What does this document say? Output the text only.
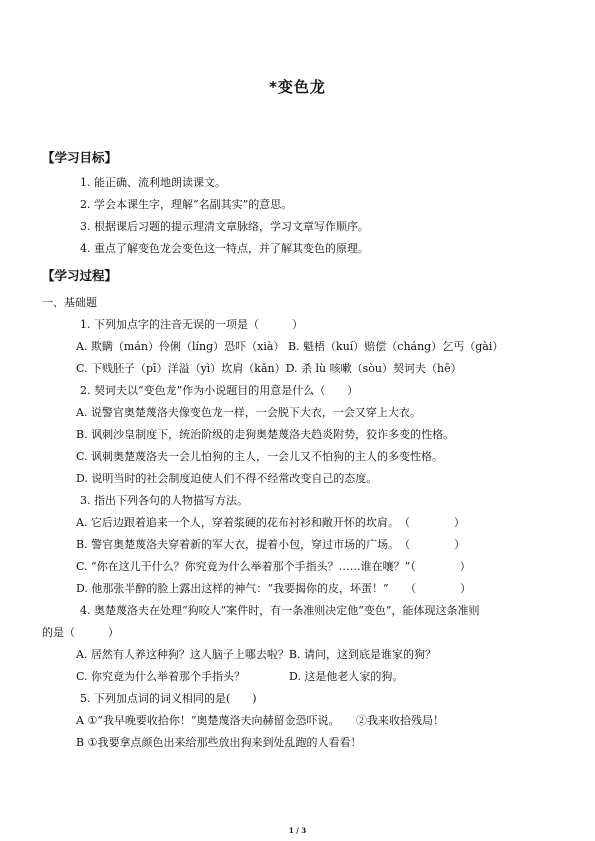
*变色龙
【学习目标】
1. 能正确、流利地朗读课文。
2. 学会本课生字，理解“名副其实”的意思。
3. 根据课后习题的提示理清文章脉络，学习文章写作顺序。
4. 重点了解变色龙会变色这一特点，并了解其变色的原理。
【学习过程】
一、基础题
1. 下列加点字的注音无误的一项是（　　　）
A. 欺瞒（mán）伶俐（líng）恐吓（xià） B. 魁梧（kuí）赔偿（cháng）乞丐（gài）
C. 下贱胚子（pī）洋溢（yì）坎肩（kǎn）D. 杀 lù 咳嗽（sòu）契诃夫（hē）
2. 契诃夫以“变色龙”作为小说题目的用意是什么（　　）
A. 说警官奥楚蔑洛夫像变色龙一样，一会脱下大衣，一会又穿上大衣。
B. 讽刺沙皇制度下，统治阶级的走狗奥楚蔑洛夫趋炎附势，狡诈多变的性格。
C. 讽刺奥楚蔑洛夫一会儿怕狗的主人，一会儿又不怕狗的主人的多变性格。
D. 说明当时的社会制度迫使人们不得不经常改变自己的态度。
3. 指出下列各句的人物描写方法。
A. 它后边跟着追来一个人，穿着浆硬的花布衬衫和敞开怀的坎肩。　（　　　　）
B. 警官奥楚蔑洛夫穿着新的军大衣，提着小包，穿过市场的广场。　（　　　　）
C. “你在这儿干什么？你究竟为什么举着那个手指头？……谁在嚷？”（　　　　）
D. 他那张半醉的脸上露出这样的神气：“我要揭你的皮，坏蛋！”　　（　　　　）
4. 奥楚蔑洛夫在处理“狗咬人”案件时，有一条准则决定他“变色”，能体现这条准则
的是（　　　）
A. 居然有人养这种狗？这人脑子上哪去啦？B. 请问，这到底是谁家的狗？
C. 你究竟为什么举着那个手指头？　　　　D. 这是他老人家的狗。
5. 下列加点词的词义相同的是(　　)
A ①“我早晚要收拾你！”奥楚蔑洛夫向赫留金恐吓说。　　②我来收拾残局！
B ①我要拿点颜色出来给那些放出狗来到处乱跑的人看看！
1 / 3
